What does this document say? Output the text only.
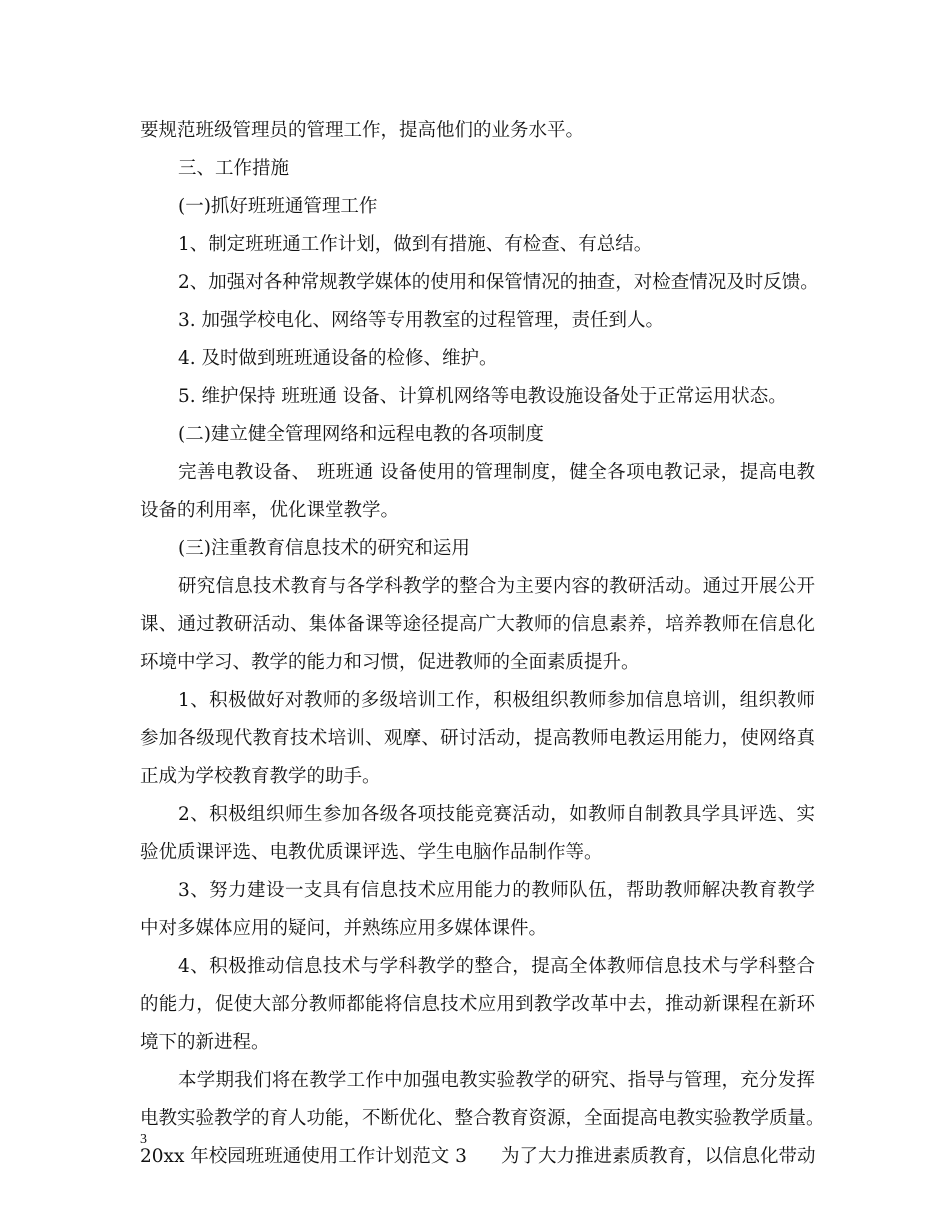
要规范班级管理员的管理工作，提高他们的业务水平。
三、工作措施
(一)抓好班班通管理工作
1、制定班班通工作计划，做到有措施、有检查、有总结。
2、加强对各种常规教学媒体的使用和保管情况的抽查，对检查情况及时反馈。
3. 加强学校电化、网络等专用教室的过程管理，责任到人。
4. 及时做到班班通设备的检修、维护。
5. 维护保持 班班通 设备、计算机网络等电教设施设备处于正常运用状态。
(二)建立健全管理网络和远程电教的各项制度
完善电教设备、 班班通 设备使用的管理制度，健全各项电教记录，提高电教
设备的利用率，优化课堂教学。
(三)注重教育信息技术的研究和运用
研究信息技术教育与各学科教学的整合为主要内容的教研活动。通过开展公开
课、通过教研活动、集体备课等途径提高广大教师的信息素养，培养教师在信息化
环境中学习、教学的能力和习惯，促进教师的全面素质提升。
1、积极做好对教师的多级培训工作，积极组织教师参加信息培训，组织教师
参加各级现代教育技术培训、观摩、研讨活动，提高教师电教运用能力，使网络真
正成为学校教育教学的助手。
2、积极组织师生参加各级各项技能竞赛活动，如教师自制教具学具评选、实
验优质课评选、电教优质课评选、学生电脑作品制作等。
3、努力建设一支具有信息技术应用能力的教师队伍，帮助教师解决教育教学
中对多媒体应用的疑问，并熟练应用多媒体课件。
4、积极推动信息技术与学科教学的整合，提高全体教师信息技术与学科整合
的能力，促使大部分教师都能将信息技术应用到教学改革中去，推动新课程在新环
境下的新进程。
本学期我们将在教学工作中加强电教实验教学的研究、指导与管理，充分发挥
电教实验教学的育人功能，不断优化、整合教育资源，全面提高电教实验教学质量。
20xx 年校园班班通使用工作计划范文 3 为了大力推进素质教育，以信息化带动
3
